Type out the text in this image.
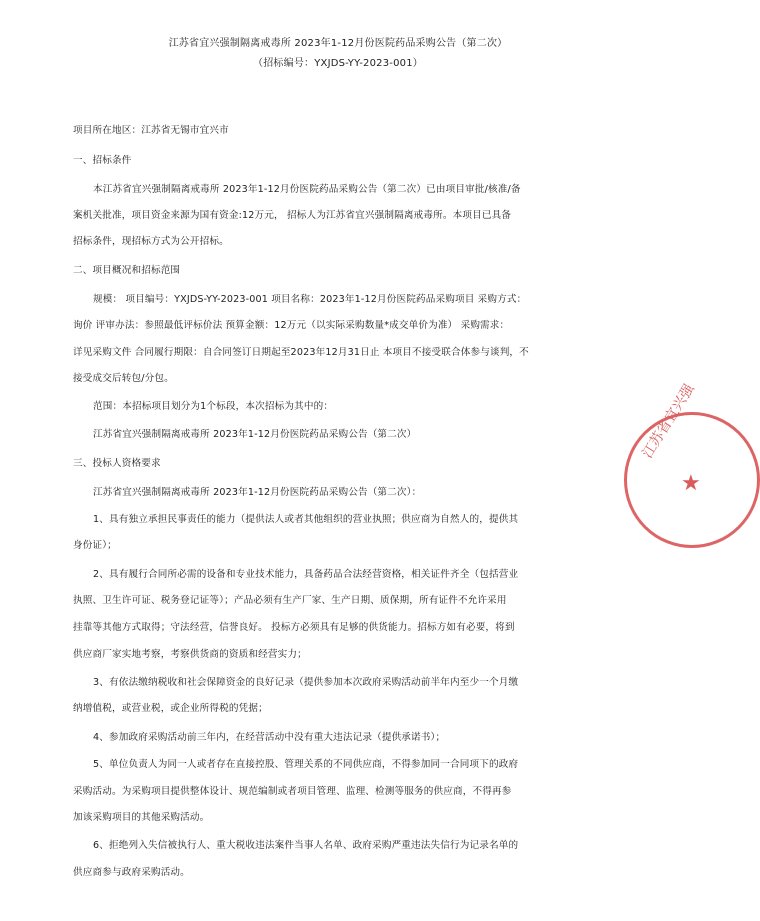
江苏省宜兴强制隔离戒毒所 2023年1-12月份医院药品采购公告（第二次）
（招标编号：YXJDS-YY-2023-001）
项目所在地区：江苏省无锡市宜兴市
一、招标条件
本江苏省宜兴强制隔离戒毒所 2023年1-12月份医院药品采购公告（第二次）已由项目审批/核准/备
案机关批准，项目资金来源为国有资金:12万元， 招标人为江苏省宜兴强制隔离戒毒所。本项目已具备
招标条件，现招标方式为公开招标。
二、项目概况和招标范围
规模： 项目编号：YXJDS-YY-2023-001 项目名称：2023年1-12月份医院药品采购项目 采购方式：
询价 评审办法：参照最低评标价法 预算金额：12万元（以实际采购数量*成交单价为准） 采购需求：
详见采购文件 合同履行期限：自合同签订日期起至2023年12月31日止 本项目不接受联合体参与谈判，不
接受成交后转包/分包。
范围：本招标项目划分为1个标段，本次招标为其中的：
江苏省宜兴强制隔离戒毒所 2023年1-12月份医院药品采购公告（第二次）
三、投标人资格要求
江苏省宜兴强制隔离戒毒所 2023年1-12月份医院药品采购公告（第二次）：
1、具有独立承担民事责任的能力（提供法人或者其他组织的营业执照；供应商为自然人的，提供其
身份证）；
2、具有履行合同所必需的设备和专业技术能力，具备药品合法经营资格，相关证件齐全（包括营业
执照、卫生许可证、税务登记证等）；产品必须有生产厂家、生产日期、质保期，所有证件不允许采用
挂靠等其他方式取得；守法经营，信誉良好。 投标方必须具有足够的供货能力。招标方如有必要，将到
供应商厂家实地考察，考察供货商的资质和经营实力；
3、有依法缴纳税收和社会保障资金的良好记录（提供参加本次政府采购活动前半年内至少一个月缴
纳增值税，或营业税，或企业所得税的凭据；
4、参加政府采购活动前三年内，在经营活动中没有重大违法记录（提供承诺书）；
5、单位负责人为同一人或者存在直接控股、管理关系的不同供应商，不得参加同一合同项下的政府
采购活动。为采购项目提供整体设计、规范编制或者项目管理、监理、检测等服务的供应商，不得再参
加该采购项目的其他采购活动。
6、拒绝列入失信被执行人、重大税收违法案件当事人名单、政府采购严重违法失信行为记录名单的
供应商参与政府采购活动。
江苏省宜兴强
★
